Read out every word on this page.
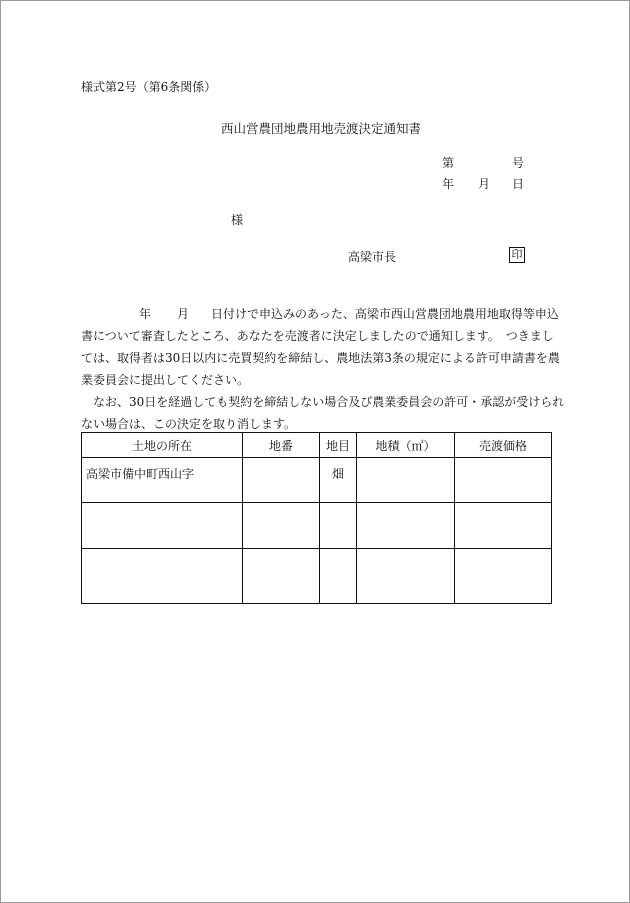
様式第2号（第6条関係）
西山営農団地農用地売渡決定通知書
第	号
年 月 日
様
高梁市長	印

年 月 日付けで申込みのあった、高梁市西山営農団地農用地取得等申込

書について審査したところ、あなたを売渡者に決定しましたので通知します。　つきまし

ては、取得者は30日以内に売買契約を締結し、農地法第3条の規定による許可申請書を農

業委員会に提出してください。

なお、30日を経過しても契約を締結しない場合及び農業委員会の許可・承認が受けられ

ない場合は、この決定を取り消します。

土地の所在	地番	地目	地積（㎡）	売渡価格
高梁市備中町西山字		畑		
